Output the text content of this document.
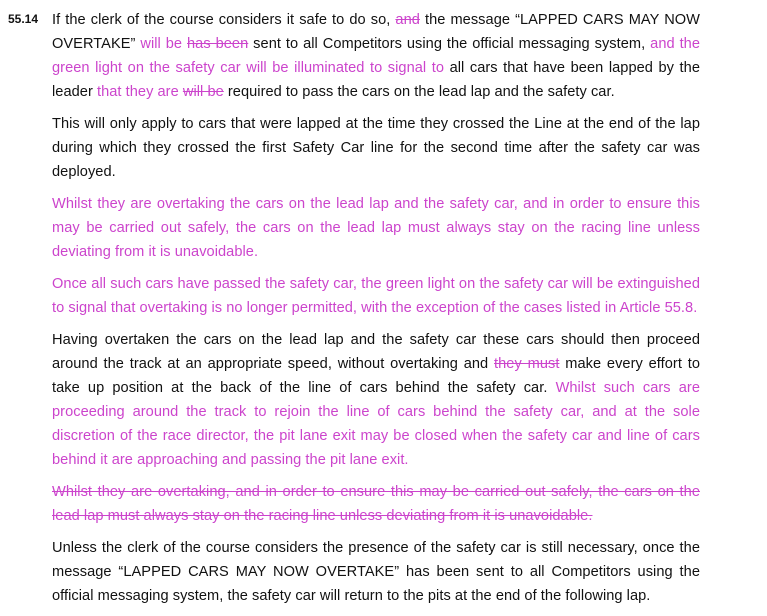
55.14 If the clerk of the course considers it safe to do so, and the message “LAPPED CARS MAY NOW OVERTAKE” will be has been sent to all Competitors using the official messaging system, and the green light on the safety car will be illuminated to signal to all cars that have been lapped by the leader that they are will be required to pass the cars on the lead lap and the safety car.

This will only apply to cars that were lapped at the time they crossed the Line at the end of the lap during which they crossed the first Safety Car line for the second time after the safety car was deployed.

Whilst they are overtaking the cars on the lead lap and the safety car, and in order to ensure this may be carried out safely, the cars on the lead lap must always stay on the racing line unless deviating from it is unavoidable.

Once all such cars have passed the safety car, the green light on the safety car will be extinguished to signal that overtaking is no longer permitted, with the exception of the cases listed in Article 55.8.

Having overtaken the cars on the lead lap and the safety car these cars should then proceed around the track at an appropriate speed, without overtaking and they must make every effort to take up position at the back of the line of cars behind the safety car. Whilst such cars are proceeding around the track to rejoin the line of cars behind the safety car, and at the sole discretion of the race director, the pit lane exit may be closed when the safety car and line of cars behind it are approaching and passing the pit lane exit.

Whilst they are overtaking, and in order to ensure this may be carried out safely, the cars on the lead lap must always stay on the racing line unless deviating from it is unavoidable.

Unless the clerk of the course considers the presence of the safety car is still necessary, once the message “LAPPED CARS MAY NOW OVERTAKE” has been sent to all Competitors using the official messaging system, the safety car will return to the pits at the end of the following lap.
